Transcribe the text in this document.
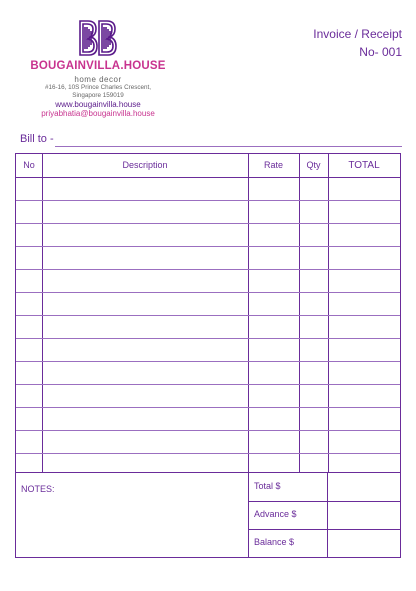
BOUGAINVILLA.HOUSE
home decor
#16-16, 10S Prince Charles Crescent,
Singapore 159019
www.bougainvilla.house
priyabhatia@bougainvilla.house
Invoice / Receipt
No- 001
Bill to -
No	Description	Rate	Qty	TOTAL
NOTES:	Total $
Advance $
Balance $
